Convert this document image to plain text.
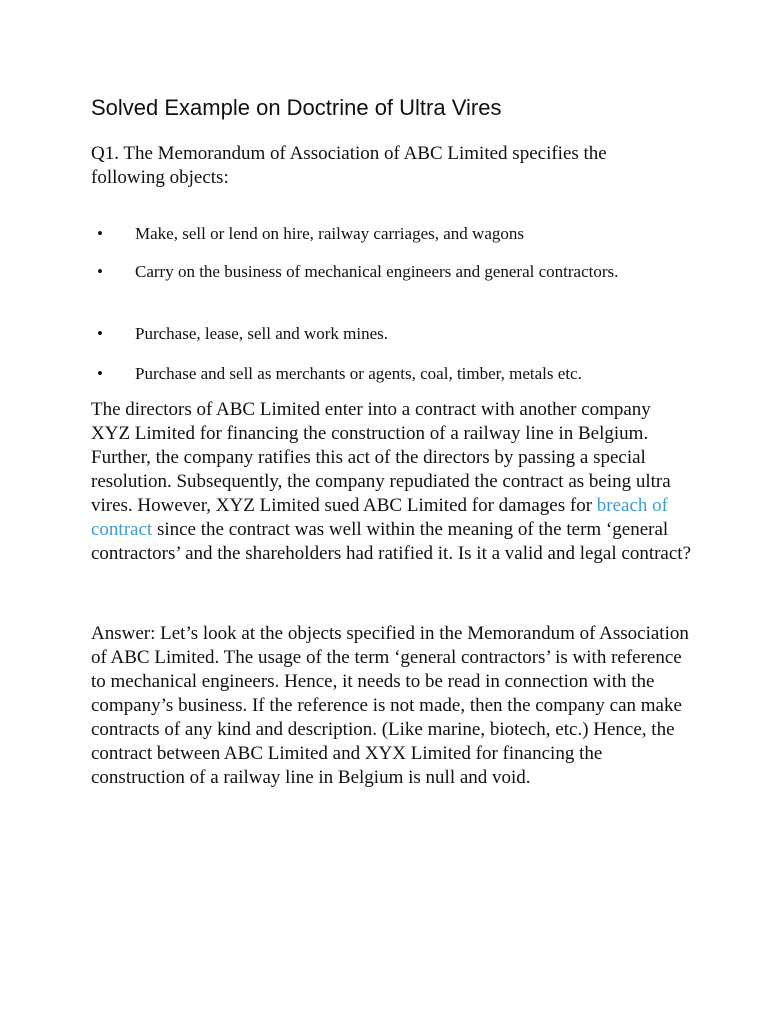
Solved Example on Doctrine of Ultra Vires

Q1. The Memorandum of Association of ABC Limited specifies the following objects:

• Make, sell or lend on hire, railway carriages, and wagons
• Carry on the business of mechanical engineers and general contractors.
• Purchase, lease, sell and work mines.
• Purchase and sell as merchants or agents, coal, timber, metals etc.

The directors of ABC Limited enter into a contract with another company XYZ Limited for financing the construction of a railway line in Belgium. Further, the company ratifies this act of the directors by passing a special resolution. Subsequently, the company repudiated the contract as being ultra vires. However, XYZ Limited sued ABC Limited for damages for breach of contract since the contract was well within the meaning of the term ‘general contractors’ and the shareholders had ratified it. Is it a valid and legal contract?

Answer: Let’s look at the objects specified in the Memorandum of Association of ABC Limited. The usage of the term ‘general contractors’ is with reference to mechanical engineers. Hence, it needs to be read in connection with the company’s business. If the reference is not made, then the company can make contracts of any kind and description. (Like marine, biotech, etc.) Hence, the contract between ABC Limited and XYX Limited for financing the construction of a railway line in Belgium is null and void.
